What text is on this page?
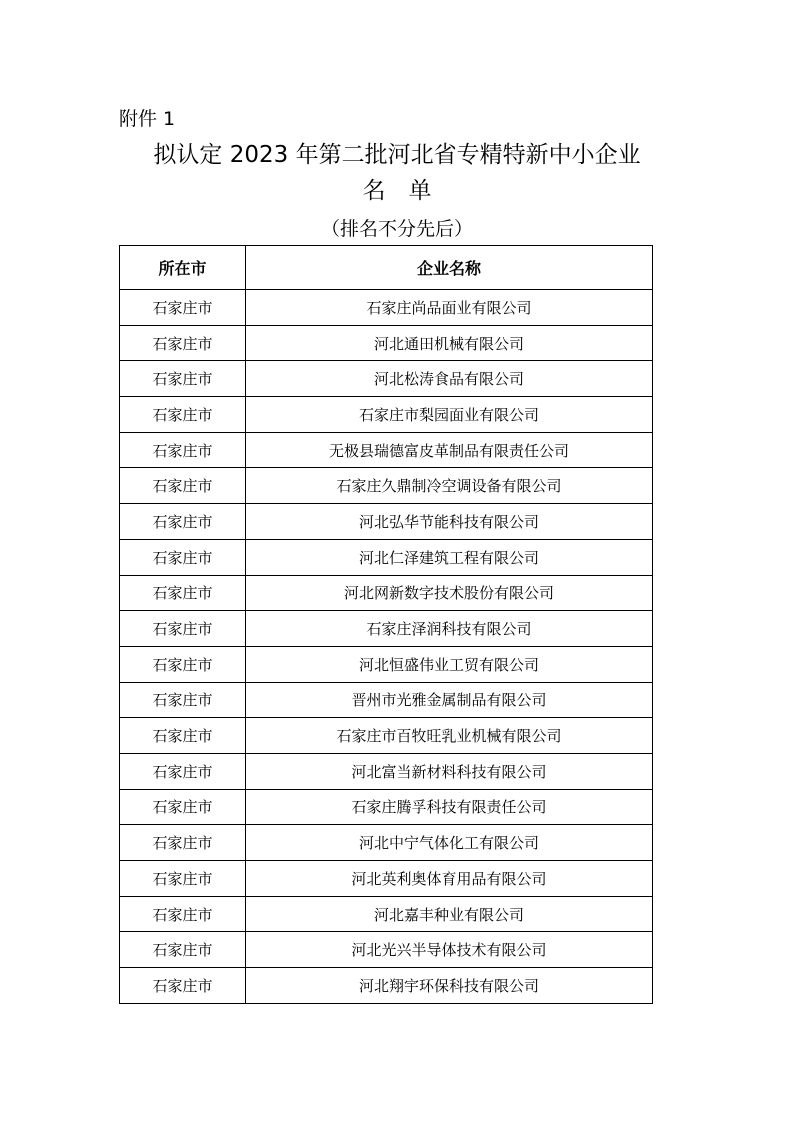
附件 1
拟认定 2023 年第二批河北省专精特新中小企业
名　单
（排名不分先后）
所在市	企业名称
石家庄市	石家庄尚品面业有限公司
石家庄市	河北通田机械有限公司
石家庄市	河北松涛食品有限公司
石家庄市	石家庄市梨园面业有限公司
石家庄市	无极县瑞德富皮革制品有限责任公司
石家庄市	石家庄久鼎制冷空调设备有限公司
石家庄市	河北弘华节能科技有限公司
石家庄市	河北仁泽建筑工程有限公司
石家庄市	河北网新数字技术股份有限公司
石家庄市	石家庄泽润科技有限公司
石家庄市	河北恒盛伟业工贸有限公司
石家庄市	晋州市光雅金属制品有限公司
石家庄市	石家庄市百牧旺乳业机械有限公司
石家庄市	河北富当新材料科技有限公司
石家庄市	石家庄腾孚科技有限责任公司
石家庄市	河北中宁气体化工有限公司
石家庄市	河北英利奥体育用品有限公司
石家庄市	河北嘉丰种业有限公司
石家庄市	河北光兴半导体技术有限公司
石家庄市	河北翔宇环保科技有限公司
